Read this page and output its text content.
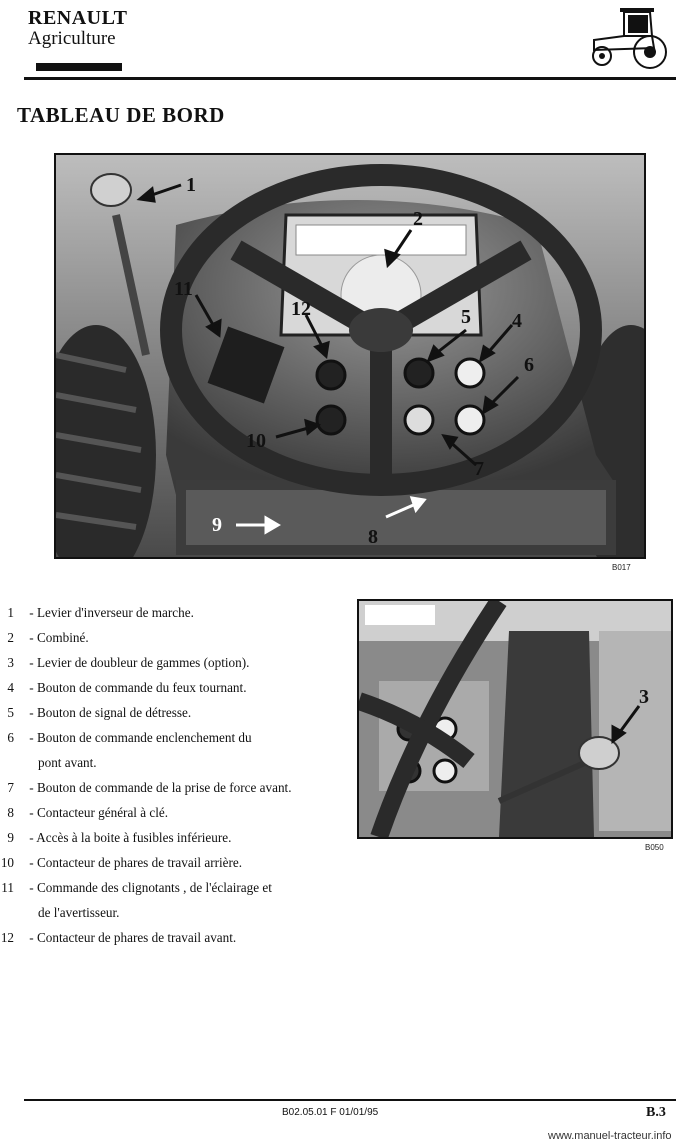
RENAULT
Agriculture
TABLEAU DE BORD
1
2
4
5
6
7
8
9
10
11
12
B017
1 - Levier d'inverseur de marche.
2 - Combiné.
3 - Levier de doubleur de gammes (option).
4 - Bouton de commande du feux tournant.
5 - Bouton de signal de détresse.
6 - Bouton de commande enclenchement du
pont avant.
7 - Bouton de commande de la prise de force avant.
8 - Contacteur général à clé.
9 - Accès à la boite à fusibles inférieure.
10 - Contacteur de phares de travail arrière.
11 - Commande des clignotants , de l'éclairage et
de l'avertisseur.
12 - Contacteur de phares de travail avant.
3
B050
B02.05.01 F 01/01/95	B.3
www.manuel-tracteur.info
